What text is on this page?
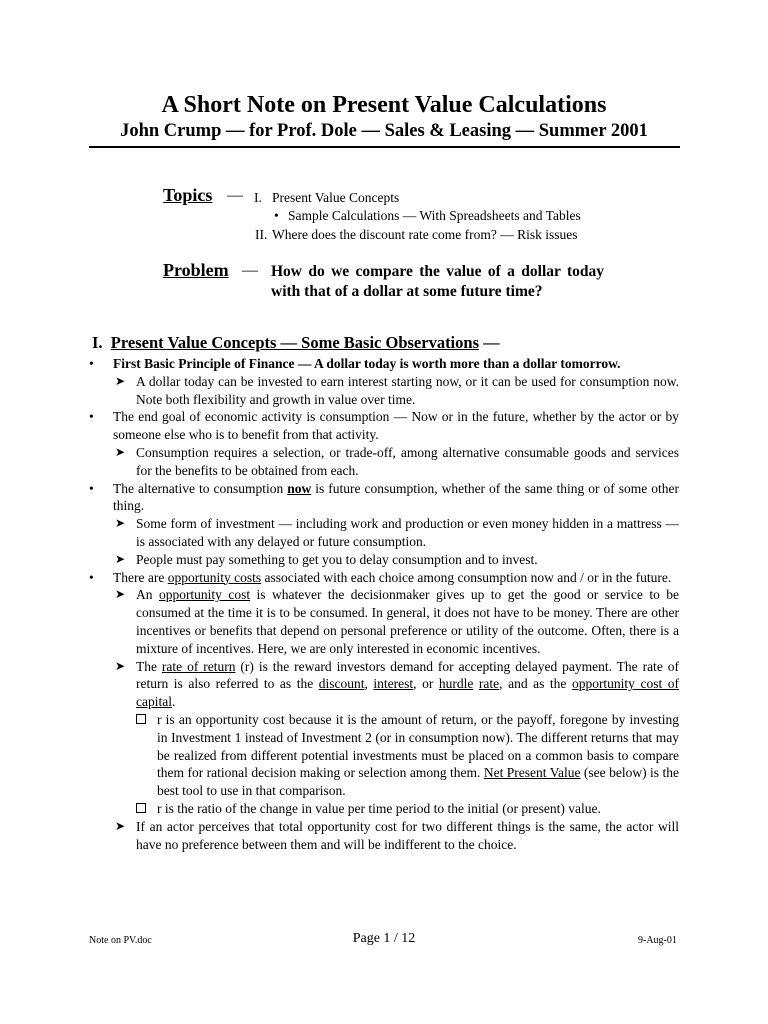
A Short Note on Present Value Calculations
John Crump — for Prof. Dole — Sales & Leasing — Summer 2001
Topics — I. Present Value Concepts
• Sample Calculations — With Spreadsheets and Tables
II. Where does the discount rate come from? — Risk issues
Problem — How do we compare the value of a dollar today with that of a dollar at some future time?
I. Present Value Concepts — Some Basic Observations —
• First Basic Principle of Finance — A dollar today is worth more than a dollar tomorrow.
➤ A dollar today can be invested to earn interest starting now, or it can be used for consumption now. Note both flexibility and growth in value over time.
• The end goal of economic activity is consumption — Now or in the future, whether by the actor or by someone else who is to benefit from that activity.
➤ Consumption requires a selection, or trade-off, among alternative consumable goods and services for the benefits to be obtained from each.
• The alternative to consumption now is future consumption, whether of the same thing or of some other thing.
➤ Some form of investment — including work and production or even money hidden in a mattress — is associated with any delayed or future consumption.
➤ People must pay something to get you to delay consumption and to invest.
• There are opportunity costs associated with each choice among consumption now and / or in the future.
➤ An opportunity cost is whatever the decisionmaker gives up to get the good or service to be consumed at the time it is to be consumed. In general, it does not have to be money. There are other incentives or benefits that depend on personal preference or utility of the outcome. Often, there is a mixture of incentives. Here, we are only interested in economic incentives.
➤ The rate of return (r) is the reward investors demand for accepting delayed payment. The rate of return is also referred to as the discount, interest, or hurdle rate, and as the opportunity cost of capital.
r is an opportunity cost because it is the amount of return, or the payoff, foregone by investing in Investment 1 instead of Investment 2 (or in consumption now). The different returns that may be realized from different potential investments must be placed on a common basis to compare them for rational decision making or selection among them. Net Present Value (see below) is the best tool to use in that comparison.
r is the ratio of the change in value per time period to the initial (or present) value.
➤ If an actor perceives that total opportunity cost for two different things is the same, the actor will have no preference between them and will be indifferent to the choice.
Note on PV.doc	Page 1 / 12	9-Aug-01
